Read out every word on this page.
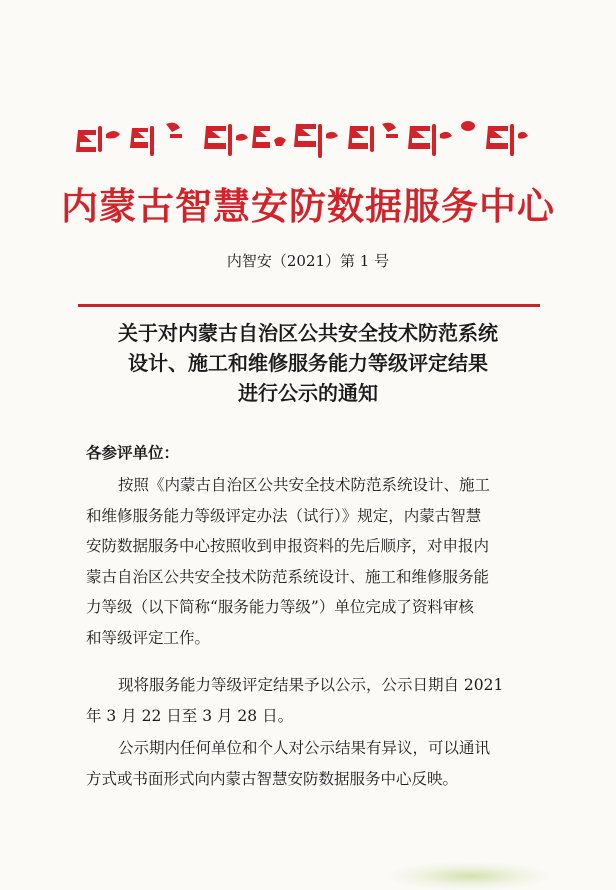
内蒙古智慧安防数据服务中心
内智安（2021）第 1 号
关于对内蒙古自治区公共安全技术防范系统
设计、施工和维修服务能力等级评定结果
进行公示的通知
各参评单位：
按照《内蒙古自治区公共安全技术防范系统设计、施工
和维修服务能力等级评定办法（试行）》规定，内蒙古智慧
安防数据服务中心按照收到申报资料的先后顺序，对申报内
蒙古自治区公共安全技术防范系统设计、施工和维修服务能
力等级（以下简称“服务能力等级”）单位完成了资料审核
和等级评定工作。
现将服务能力等级评定结果予以公示，公示日期自 2021
年 3 月 22 日至 3 月 28 日。
公示期内任何单位和个人对公示结果有异议，可以通讯
方式或书面形式向内蒙古智慧安防数据服务中心反映。
